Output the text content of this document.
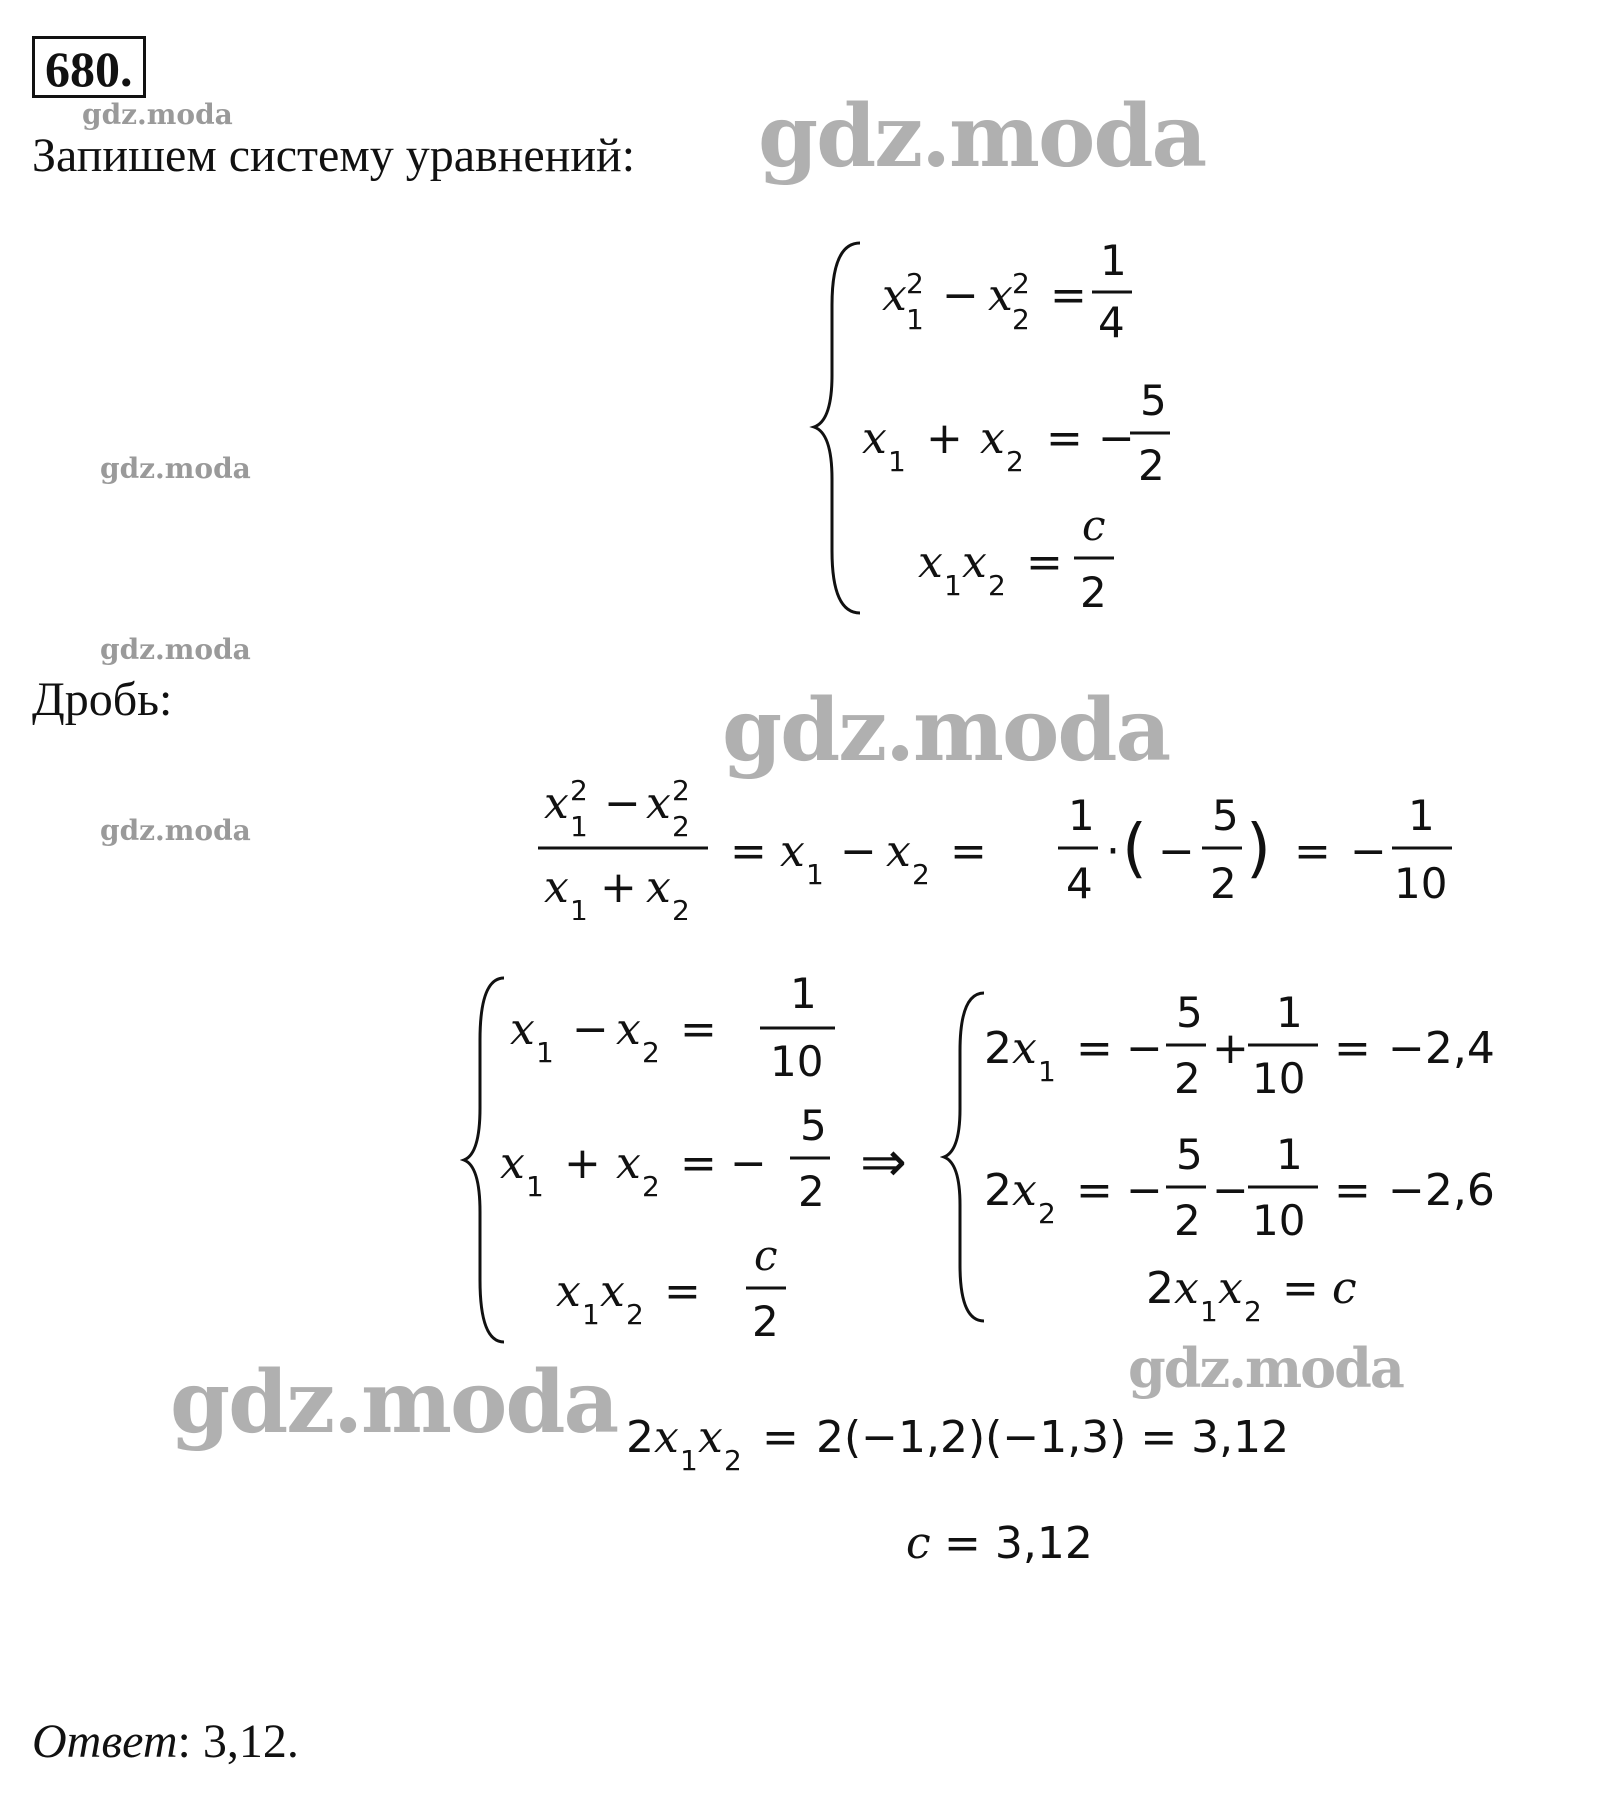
680.
gdz.moda
Запишем систему уравнений: gdz.moda
gdz.moda
gdz.moda
Дробь:
gdz.moda
x 1
2 − x 2
2 =
1
4
x 1 + x 2 = −
5
2
x 1 x 2 =
c
2
gdz.moda
x 1
2 − x 2
2
x 1 + x 2
= x 1 − x 2 =
1
4
· ( −
5
2 ) = −
1
10
x 1 − x 2 =
1
10
x 1 + x 2 = −
5
2
x 1 x 2 =
c
2
⇒
2 x 1 = −
5
2
+
1
10
= −2,4
2 x 2 = −
5
2
−
1
10
= −2,6
2 x 1 x 2 = c
gdz.moda
gdz.moda 2 x 1 x 2 = 2(−1,2)(−1,3) = 3,12
c = 3,12
Ответ: 3,12.
